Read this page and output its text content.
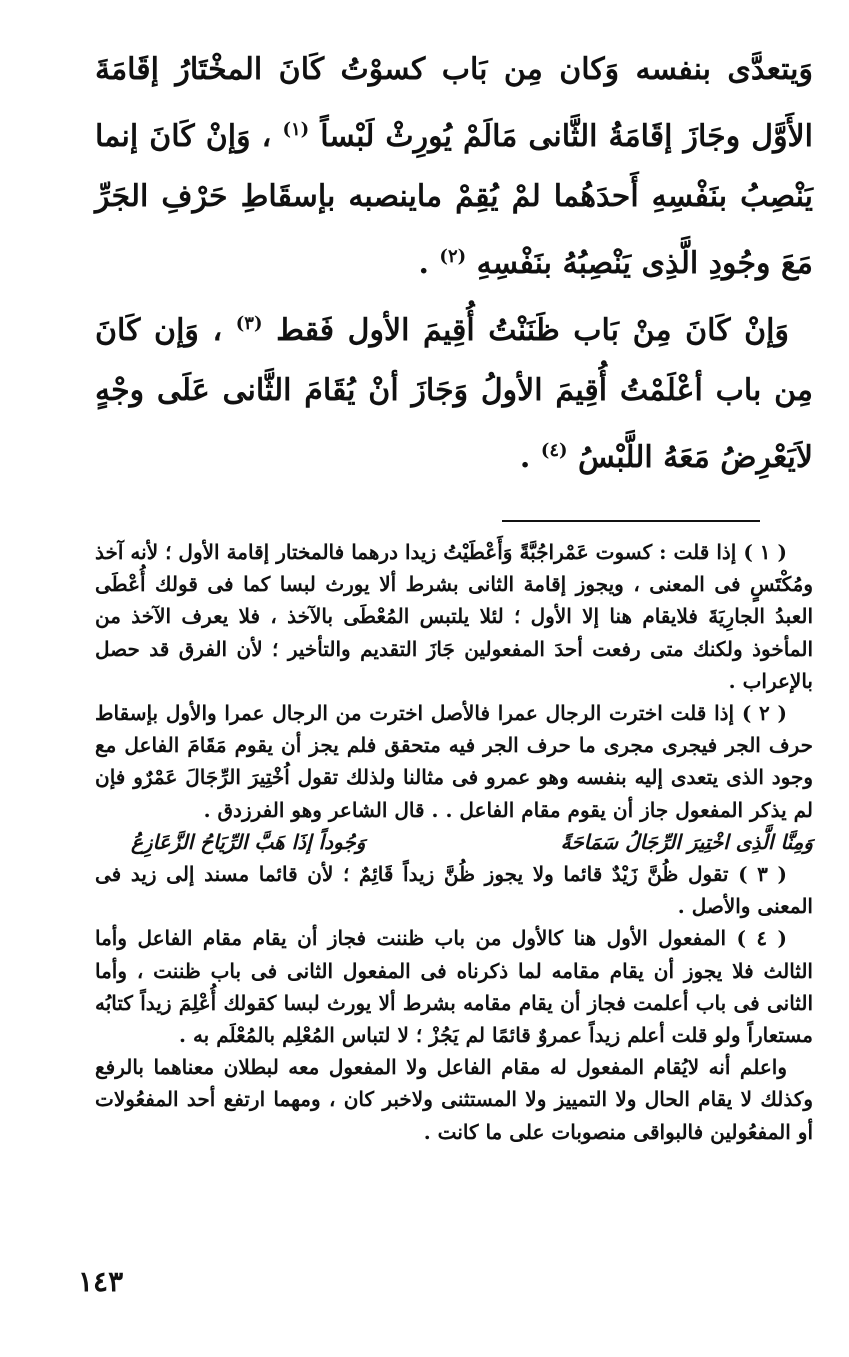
وَيتعدَّى بنفسه وَكان مِن بَاب كسوْتُ كَانَ المخْتَارُ إقَامَةَ الأَوَّل وجَازَ إقَامَةُ الثَّانى مَالَمْ يُورِثْ لَبْساً $^{(١)}$ ، وَإنْ كَانَ إنما يَنْصِبُ بنَفْسِهِ أَحدَهُما لمْ يُقِمْ ماينصبه بإسقَاطِ حَرْفِ الجَرِّ مَعَ وجُودِ الَّذِى يَنْصِبُهُ بنَفْسِهِ $^{(٢)}$ .

وَإنْ كَانَ مِنْ بَاب ظَنَنْتُ أُقِيمَ الأول فَقط $^{(٣)}$ ، وَإن كَانَ مِن باب أعْلَمْتُ أُقِيمَ الأولُ وَجَازَ أنْ يُقَامَ الثَّانى عَلَى وجْهٍ لاَيَعْرِضُ مَعَهُ اللَّبْسُ $^{(٤)}$ .

( ١ ) إذا قلت : كسوت عَمْراجُبَّةً وَأَعْطَيْتُ زيدا درهما فالمختار إقامة الأول ؛ لأنه آخذ ومُكْتَسٍ فى المعنى ، ويجوز إقامة الثانى بشرط ألا يورث لبسا كما فى قولك أُعْطَى العبدُ الجارِيَةَ فلايقام هنا إلا الأول ؛ لئلا يلتبس المُعْطَى بالآخذ ، فلا يعرف الآخذ من المأخوذ ولكنك متى رفعت أحدَ المفعولين جَازَ التقديم والتأخير ؛ لأن الفرق قد حصل بالإعراب .

( ٢ ) إذا قلت اخترت الرجال عمرا فالأصل اخترت من الرجال عمرا والأول بإسقاط حرف الجر فيجرى مجرى ما حرف الجر فيه متحقق فلم يجز أن يقوم مَقَامَ الفاعل مع وجود الذى يتعدى إليه بنفسه وهو عمرو فى مثالنا ولذلك تقول اُخْتِيرَ الرِّجَالَ عَمْرٌو فإن لم يذكر المفعول جاز أن يقوم مقام الفاعل . . قال الشاعر وهو الفرزدق .

وَمِنَّا الَّذِى اخْتِيرَ الرِّجَالُ سَمَاحَةً
وَجُوداً إذَا هَبَّ الرِّيَاحُ الزَّعَازِعُ

( ٣ ) تقول ظُنَّ زَيْدٌ قائما ولا يجوز ظُنَّ زيداً قَائِمٌ ؛ لأن قائما مسند إلى زيد فى المعنى والأصل .

( ٤ ) المفعول الأول هنا كالأول من باب ظننت فجاز أن يقام مقام الفاعل وأما الثالث فلا يجوز أن يقام مقامه لما ذكرناه فى المفعول الثانى فى باب ظننت ، وأما الثانى فى باب أعلمت فجاز أن يقام مقامه بشرط ألا يورث لبسا كقولك أُعْلِمَ زيداً كتابُه مستعاراً ولو قلت أعلم زيداً عمروٌ قائمًا لم يَجُزْ ؛ لا لتباس المُعْلِم بالمُعْلَم به .

واعلم أنه لايُقام المفعول له مقام الفاعل ولا المفعول معه لبطلان معناهما بالرفع وكذلك لا يقام الحال ولا التمييز ولا المستثنى ولاخبر كان ، ومهما ارتفع أحد المفعُولات أو المفعُولين فالبواقى منصوبات على ما كانت .

١٤٣
